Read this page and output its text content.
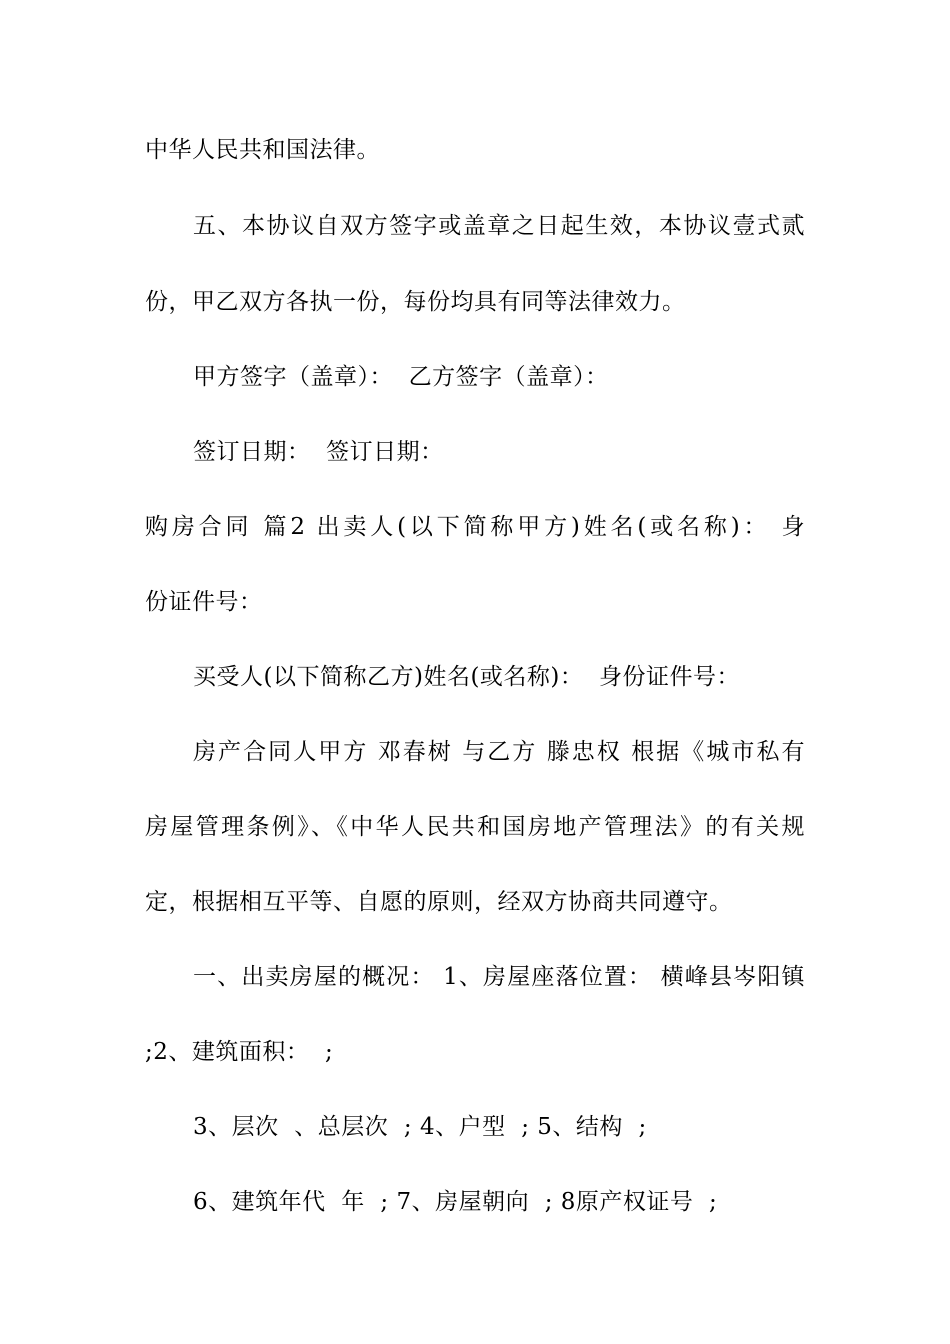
中华人民共和国法律。
五、本协议自双方签字或盖章之日起生效，本协议壹式贰
份，甲乙双方各执一份，每份均具有同等法律效力。
甲方签字（盖章）：  乙方签字（盖章）：
签订日期：  签订日期：
购房合同 篇2 出卖人(以下简称甲方)姓名(或名称)： 身
份证件号：
买受人(以下简称乙方)姓名(或名称)：  身份证件号：
房产合同人甲方 邓春树 与乙方 滕忠权 根据《城市私有
房屋管理条例》、《中华人民共和国房地产管理法》的有关规
定，根据相互平等、自愿的原则，经双方协商共同遵守。
一、出卖房屋的概况： 1、房屋座落位置： 横峰县岑阳镇
;2、建筑面积：  ;
3、层次  、总层次  ; 4、户型  ; 5、结构  ;
6、建筑年代  年  ; 7、房屋朝向  ; 8原产权证号  ;
